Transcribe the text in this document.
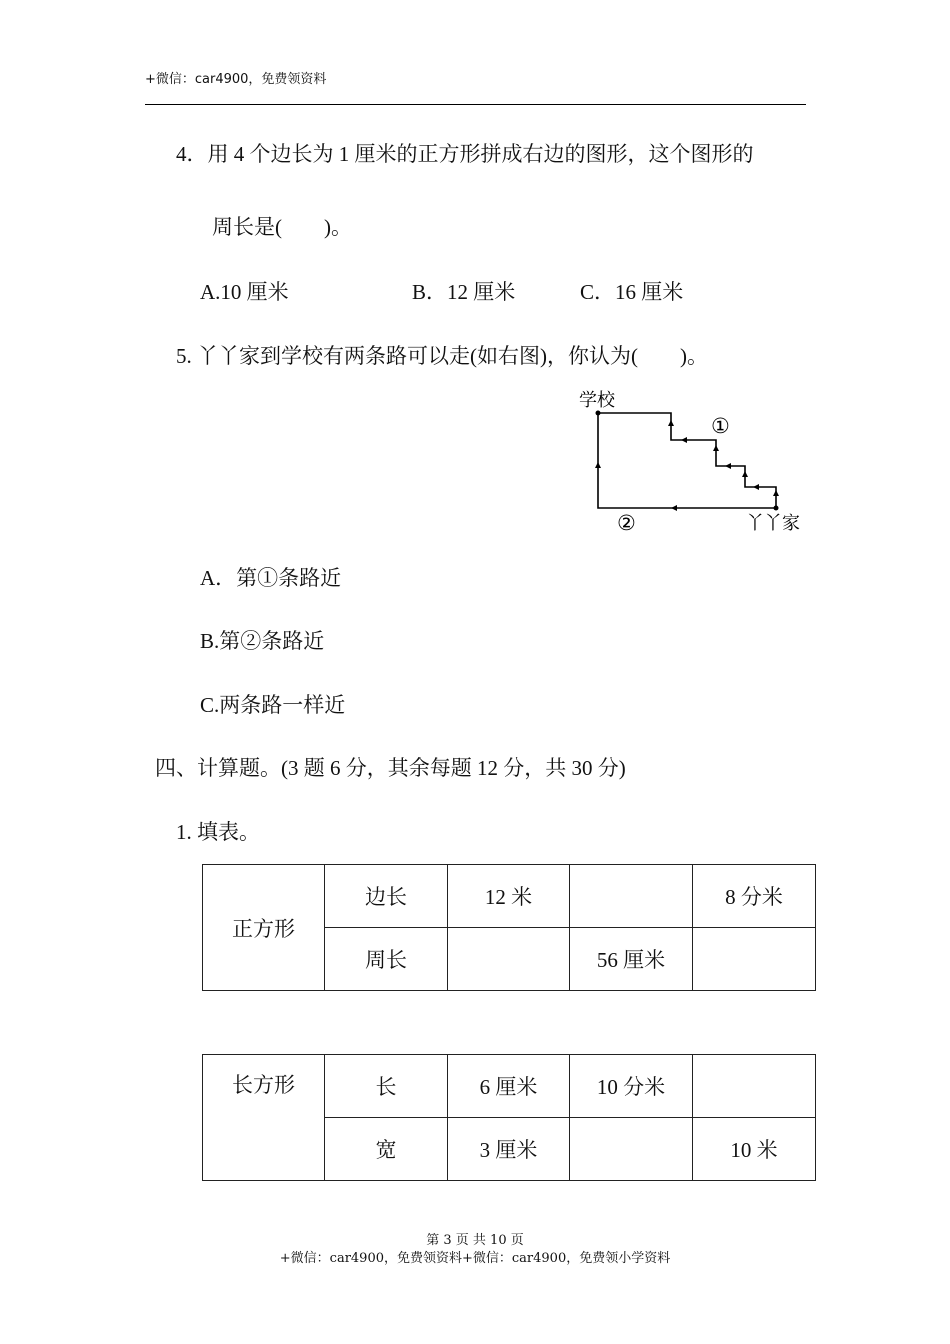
+微信：car4900，免费领资料
4．用 4 个边长为 1 厘米的正方形拼成右边的图形，这个图形的
周长是(　　)。
A.10 厘米	B．12 厘米	C．16 厘米
5. 丫丫家到学校有两条路可以走(如右图)，你认为(　　)。
学校
①
②	丫丫家
A．第①条路近
B.第②条路近
C.两条路一样近
四、计算题。(3 题 6 分，其余每题 12 分，共 30 分)
1. 填表。
正方形	边长	12 米		8 分米
	周长		56 厘米	
长方形	长	6 厘米	10 分米	
	宽	3 厘米		10 米
第 3 页 共 10 页
+微信：car4900，免费领资料+微信：car4900，免费领小学资料
